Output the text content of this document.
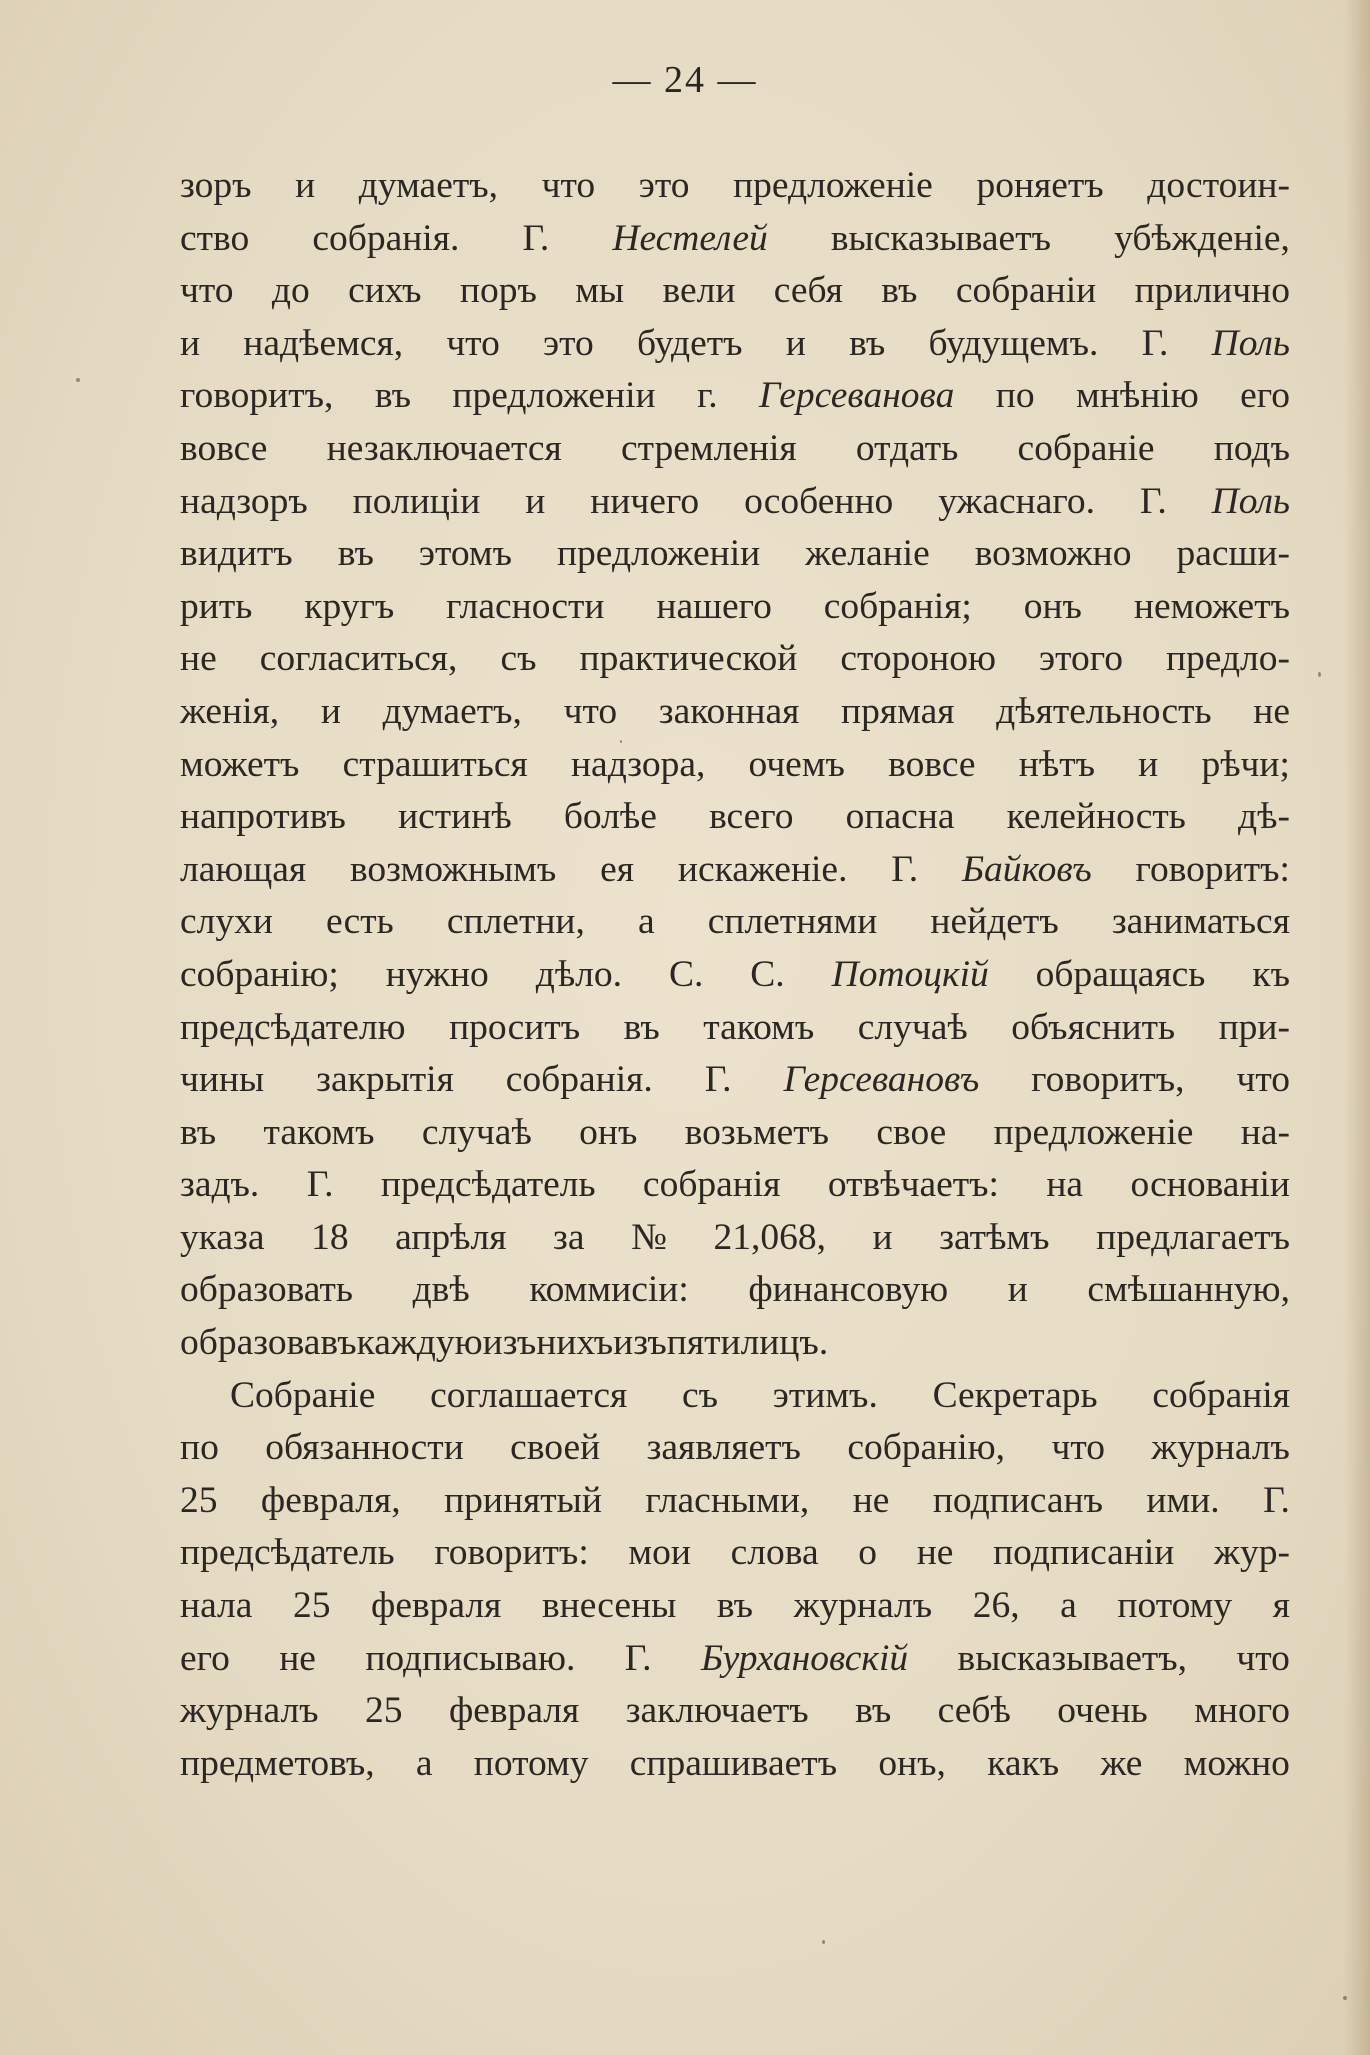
— 24 —
зоръ и думаетъ, что это предложеніе роняетъ достоин-
ство собранія. Г. Нестелей высказываетъ убѣжденіе,
что до сихъ поръ мы вели себя въ собраніи прилично
и надѣемся, что это будетъ и въ будущемъ. Г. Поль
говоритъ, въ предложеніи г. Герсеванова по мнѣнію его
вовсе незаключается стремленія отдать собраніе подъ
надзоръ полиціи и ничего особенно ужаснаго. Г. Поль
видитъ въ этомъ предложеніи желаніе возможно расши-
рить кругъ гласности нашего собранія; онъ неможетъ
не согласиться, съ практической стороною этого предло-
женія, и думаетъ, что законная прямая дѣятельность не
можетъ страшиться надзора, очемъ вовсе нѣтъ и рѣчи;
напротивъ истинѣ болѣе всего опасна келейность дѣ-
лающая возможнымъ ея искаженіе. Г. Байковъ говоритъ:
слухи есть сплетни, а сплетнями нейдетъ заниматься
собранію; нужно дѣло. С. С. Потоцкій обращаясь къ
предсѣдателю проситъ въ такомъ случаѣ объяснить при-
чины закрытія собранія. Г. Герсевановъ говоритъ, что
въ такомъ случаѣ онъ возьметъ свое предложеніе на-
задъ. Г. предсѣдатель собранія отвѣчаетъ: на основаніи
указа 18 апрѣля за № 21,068, и затѣмъ предлагаетъ
образовать двѣ коммисіи: финансовую и смѣшанную,
образовавъ каждую изъ нихъ изъ пяти лицъ.
Собраніе соглашается съ этимъ. Секретарь собранія
по обязанности своей заявляетъ собранію, что журналъ
25 февраля, принятый гласными, не подписанъ ими. Г.
предсѣдатель говоритъ: мои слова о не подписаніи жур-
нала 25 февраля внесены въ журналъ 26, а потому я
его не подписываю. Г. Бурхановскій высказываетъ, что
журналъ 25 февраля заключаетъ въ себѣ очень много
предметовъ, а потому спрашиваетъ онъ, какъ же можно
